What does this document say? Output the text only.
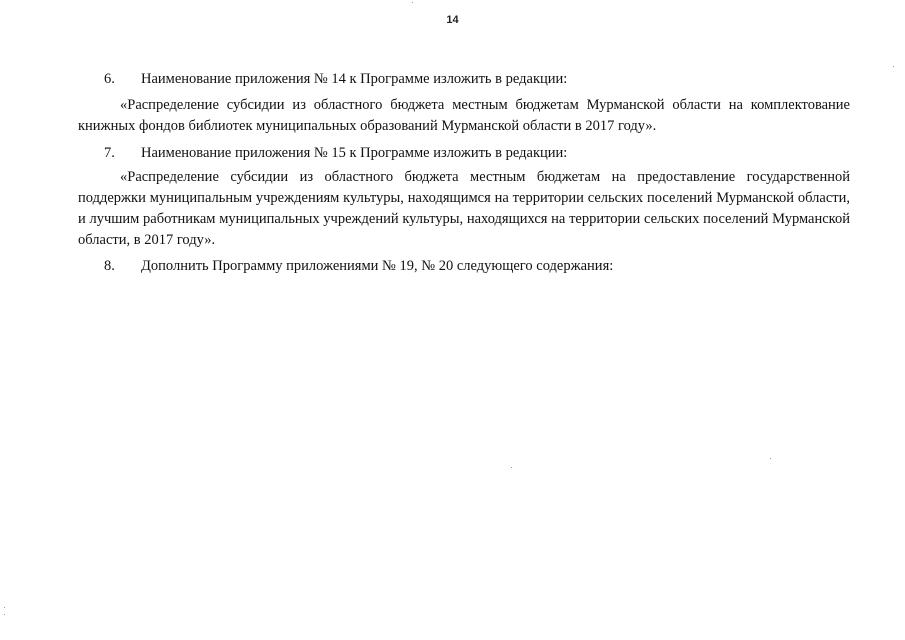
14
6. Наименование приложения № 14 к Программе изложить в редакции:
«Распределение субсидии из областного бюджета местным бюджетам Мурманской области на комплектование книжных фондов библиотек муниципальных образований Мурманской области в 2017 году».
7. Наименование приложения № 15 к Программе изложить в редакции:
«Распределение субсидии из областного бюджета местным бюджетам на предоставление государственной поддержки муниципальным учреждениям культуры, находящимся на территории сельских поселений Мурманской области, и лучшим работникам муниципальных учреждений культуры, находящихся на территории сельских поселений Мурманской области, в 2017 году».
8. Дополнить Программу приложениями № 19, № 20 следующего содержания:
